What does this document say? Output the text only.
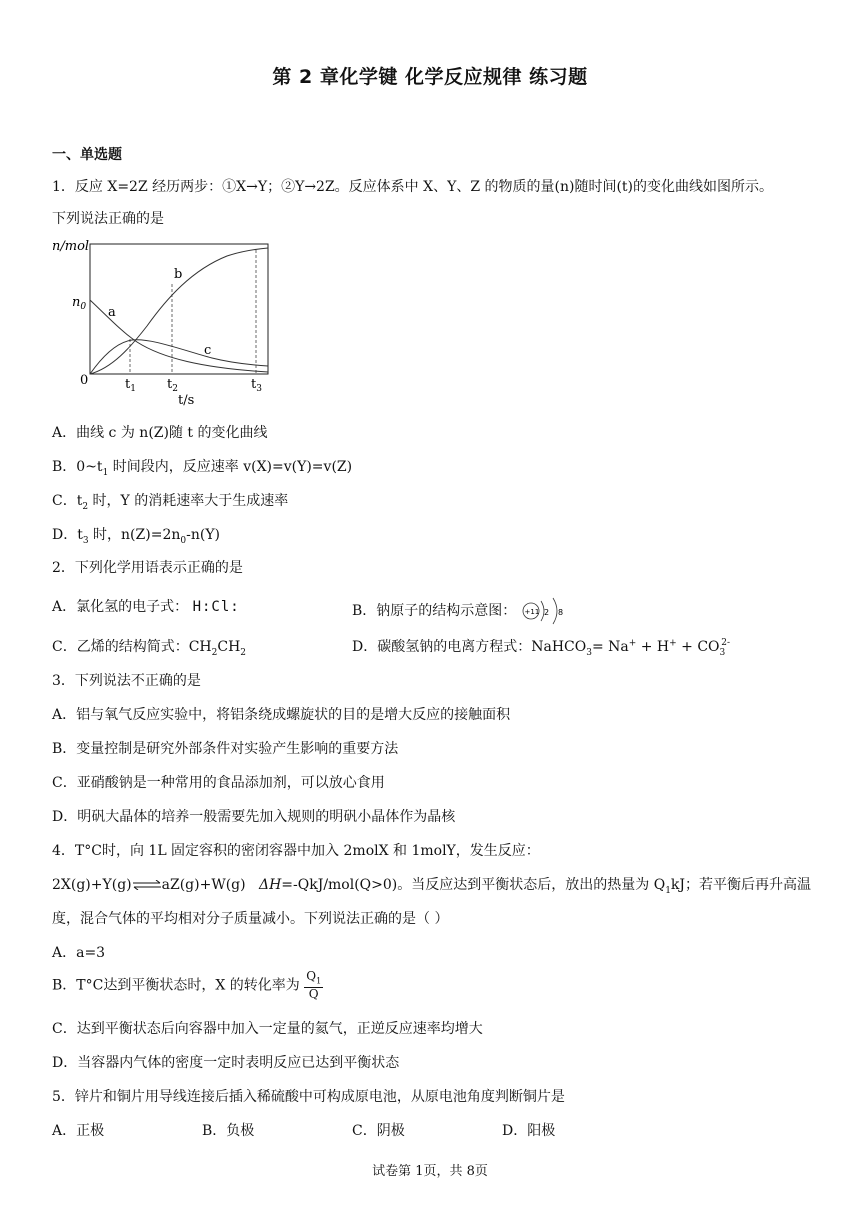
第 2 章化学键 化学反应规律 练习题
一、单选题
1．反应 X=2Z 经历两步：①X→Y；②Y→2Z。反应体系中 X、Y、Z 的物质的量(n)随时间(t)的变化曲线如图所示。
下列说法正确的是
n/mol
$n_0$ a
b
c
0	$t_1$ $t_2$	$t_3$
t/s
A．曲线 c 为 n(Z)随 t 的变化曲线
B．$0\sim t_1$ 时间段内，反应速率 v(X)=v(Y)=v(Z)
C．$t_2$ 时，Y 的消耗速率大于生成速率
D．$t_3$ 时，$n(Z)=2n_0-n(Y)$
2．下列化学用语表示正确的是
A．氯化氢的电子式： H:Cl:	B．钠原子的结构示意图： +11 2 8
C．乙烯的结构简式：$CH_2CH_2$	D．碳酸氢钠的电离方程式：NaHCO$_3$= $Na^+ + H^+ + CO_3^{2-}$
3．下列说法不正确的是
A．铝与氧气反应实验中，将铝条绕成螺旋状的目的是增大反应的接触面积
B．变量控制是研究外部条件对实验产生影响的重要方法
C．亚硝酸钠是一种常用的食品添加剂，可以放心食用
D．明矾大晶体的培养一般需要先加入规则的明矾小晶体作为晶核
4．T°C时，向 1L 固定容积的密闭容器中加入 2molX 和 1molY，发生反应：
2X(g)+Y(g)⇌aZ(g)+W(g) ΔH=-QkJ/mol(Q>0)。当反应达到平衡状态后，放出的热量为 $Q_1kJ$；若平衡后再升高温
度，混合气体的平均相对分子质量减小。下列说法正确的是（ ）
A．a=3
B．T°C达到平衡状态时，X 的转化率为 $\frac{Q_1}{Q}$
C．达到平衡状态后向容器中加入一定量的氦气，正逆反应速率均增大
D．当容器内气体的密度一定时表明反应已达到平衡状态
5．锌片和铜片用导线连接后插入稀硫酸中可构成原电池，从原电池角度判断铜片是
A．正极	B．负极	C．阴极	D．阳极
试卷第 1页，共 8页
